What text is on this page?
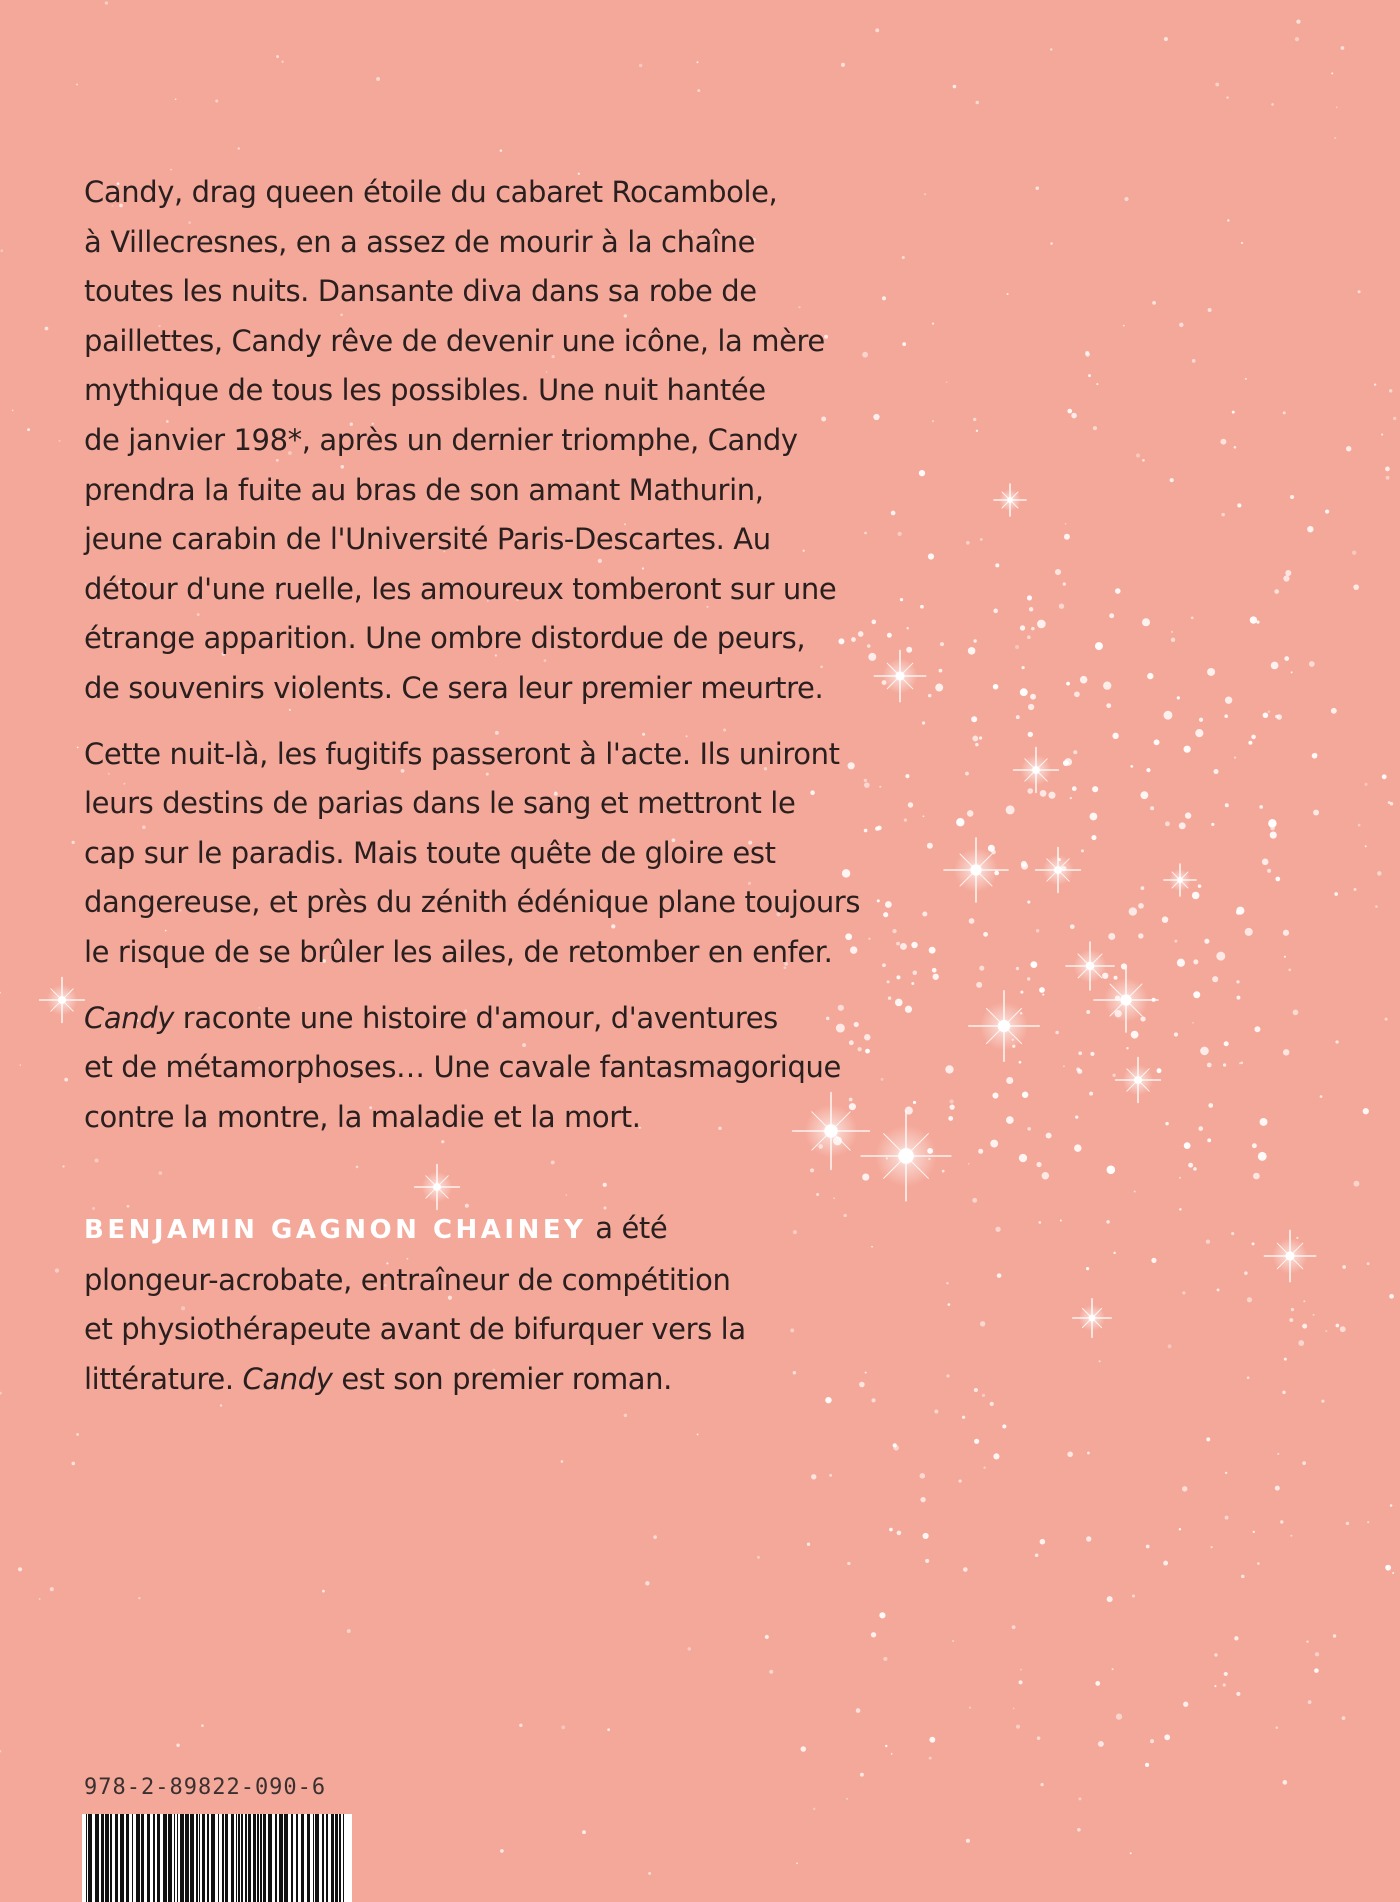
Candy, drag queen étoile du cabaret Rocambole,
à Villecresnes, en a assez de mourir à la chaîne
toutes les nuits. Dansante diva dans sa robe de
paillettes, Candy rêve de devenir une icône, la mère
mythique de tous les possibles. Une nuit hantée
de janvier 198*, après un dernier triomphe, Candy
prendra la fuite au bras de son amant Mathurin,
jeune carabin de l'Université Paris-Descartes. Au
détour d'une ruelle, les amoureux tomberont sur une
étrange apparition. Une ombre distordue de peurs,
de souvenirs violents. Ce sera leur premier meurtre.
Cette nuit-là, les fugitifs passeront à l'acte. Ils uniront
leurs destins de parias dans le sang et mettront le
cap sur le paradis. Mais toute quête de gloire est
dangereuse, et près du zénith édénique plane toujours
le risque de se brûler les ailes, de retomber en enfer.
Candy raconte une histoire d'amour, d'aventures
et de métamorphoses… Une cavale fantasmagorique
contre la montre, la maladie et la mort.
BENJAMIN GAGNON CHAINEY a été
plongeur-acrobate, entraîneur de compétition
et physiothérapeute avant de bifurquer vers la
littérature. Candy est son premier roman.
978-2-89822-090-6
